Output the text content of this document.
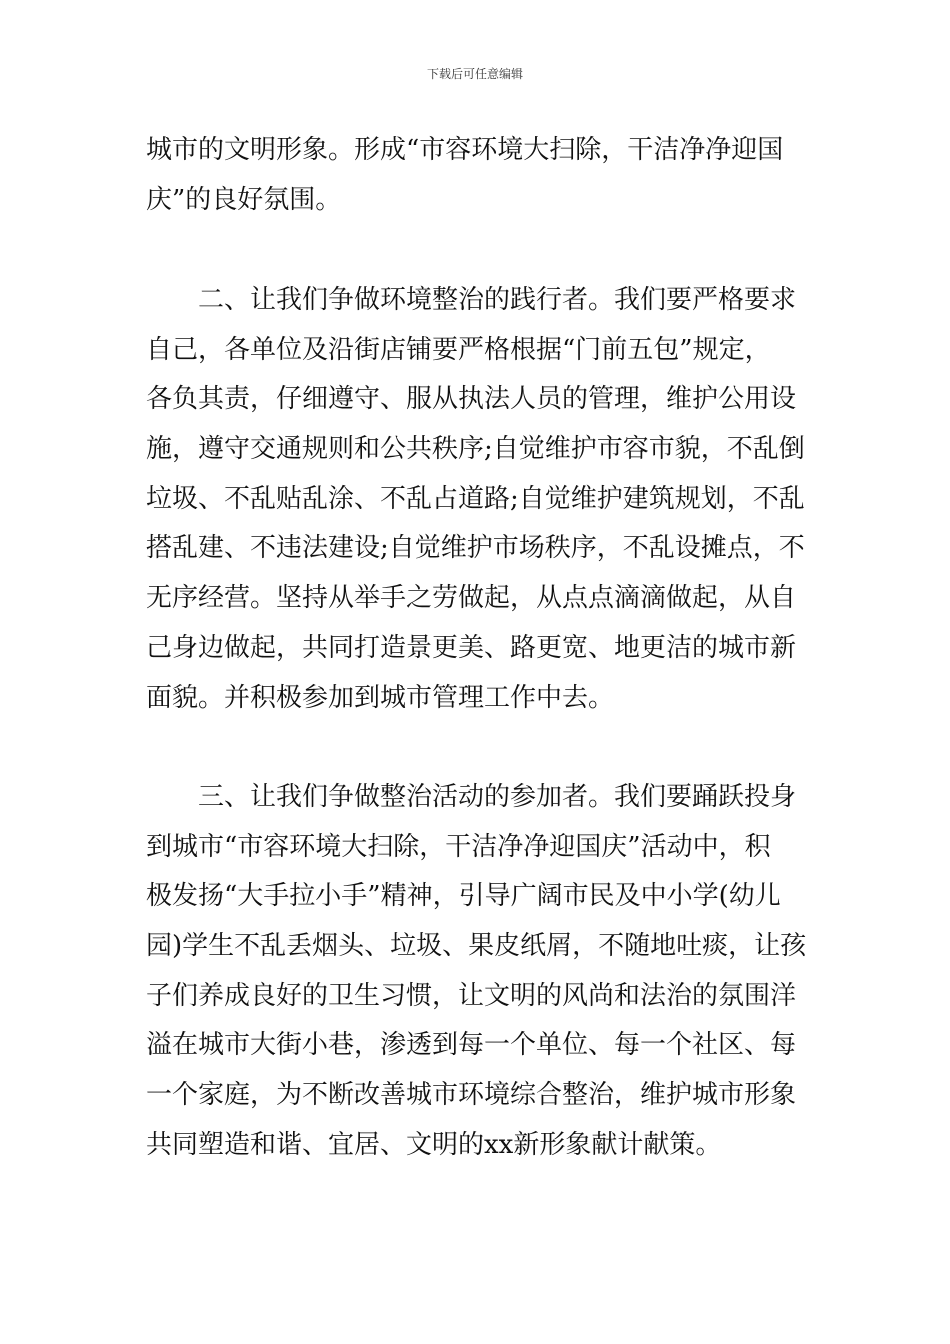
下载后可任意编辑
城市的文明形象。形成“市容环境大扫除，干洁净净迎国
庆”的良好氛围。
　　二、让我们争做环境整治的践行者。我们要严格要求
自己，各单位及沿街店铺要严格根据“门前五包”规定，
各负其责，仔细遵守、服从执法人员的管理，维护公用设
施，遵守交通规则和公共秩序;自觉维护市容市貌，不乱倒
垃圾、不乱贴乱涂、不乱占道路;自觉维护建筑规划，不乱
搭乱建、不违法建设;自觉维护市场秩序，不乱设摊点，不
无序经营。坚持从举手之劳做起，从点点滴滴做起，从自
己身边做起，共同打造景更美、路更宽、地更洁的城市新
面貌。并积极参加到城市管理工作中去。
　　三、让我们争做整治活动的参加者。我们要踊跃投身
到城市“市容环境大扫除，干洁净净迎国庆”活动中，积
极发扬“大手拉小手”精神，引导广阔市民及中小学(幼儿
园)学生不乱丢烟头、垃圾、果皮纸屑，不随地吐痰，让孩
子们养成良好的卫生习惯，让文明的风尚和法治的氛围洋
溢在城市大街小巷，渗透到每一个单位、每一个社区、每
一个家庭，为不断改善城市环境综合整治，维护城市形象
共同塑造和谐、宜居、文明的xx新形象献计献策。
